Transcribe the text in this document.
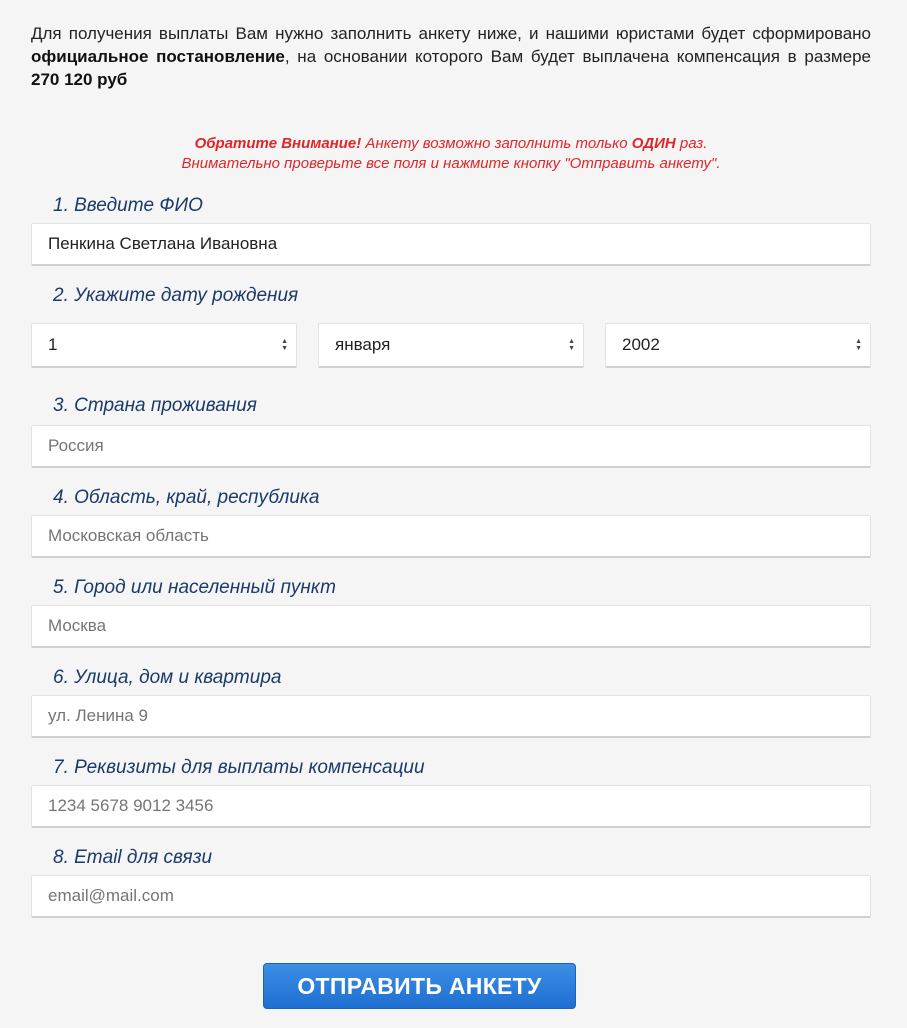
Для получения выплаты Вам нужно заполнить анкету ниже, и нашими юристами будет сформировано официальное постановление, на основании которого Вам будет выплачена компенсация в размере 270 120 руб

Обратите Внимание! Анкету возможно заполнить только ОДИН раз.
Внимательно проверьте все поля и нажмите кнопку "Отправить анкету".
1. Введите ФИО
Пенкина Светлана Ивановна
2. Укажите дату рождения
1	▲
▼	января	▲
▼	2002	▲
▼
3. Страна проживания
Россия
4. Область, край, республика
Московская область
5. Город или населенный пункт
Москва
6. Улица, дом и квартира
ул. Ленина 9
7. Реквизиты для выплаты компенсации
1234 5678 9012 3456
8. Email для связи
email@mail.com
ОТПРАВИТЬ АНКЕТУ
